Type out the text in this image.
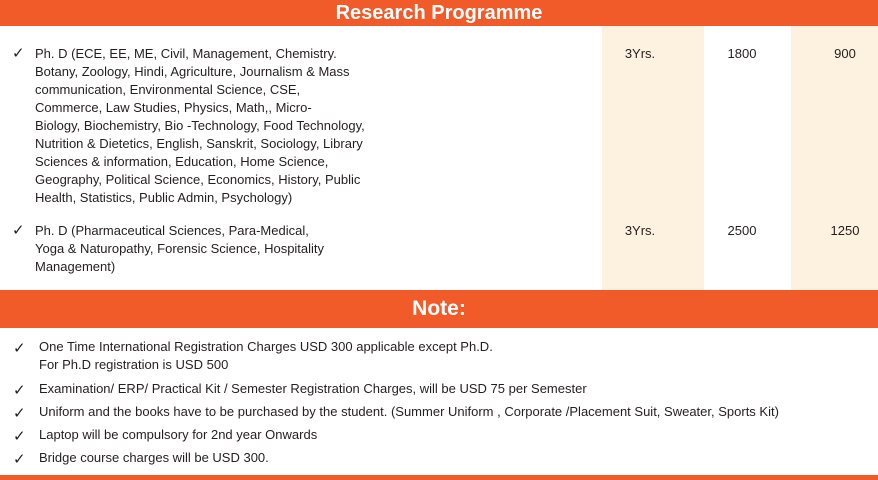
Research Programme
✓ Ph. D (ECE, EE, ME, Civil, Management, Chemistry.
Botany, Zoology, Hindi, Agriculture, Journalism & Mass
communication, Environmental Science, CSE,
Commerce, Law Studies, Physics, Math,, Micro-
Biology, Biochemistry, Bio -Technology, Food Technology,
Nutrition & Dietetics, English, Sanskrit, Sociology, Library
Sciences & information, Education, Home Science,
Geography, Political Science, Economics, History, Public
Health, Statistics, Public Admin, Psychology)
3Yrs.	1800	900
✓ Ph. D (Pharmaceutical Sciences, Para-Medical,
Yoga & Naturopathy, Forensic Science, Hospitality
Management)
3Yrs.	2500	1250
Note:
✓ One Time International Registration Charges USD 300 applicable except Ph.D.
For Ph.D registration is USD 500
✓ Examination/ ERP/ Practical Kit / Semester Registration Charges, will be USD 75 per Semester
✓ Uniform and the books have to be purchased by the student. (Summer Uniform , Corporate /Placement Suit, Sweater, Sports Kit)
✓ Laptop will be compulsory for 2nd year Onwards
✓ Bridge course charges will be USD 300.
